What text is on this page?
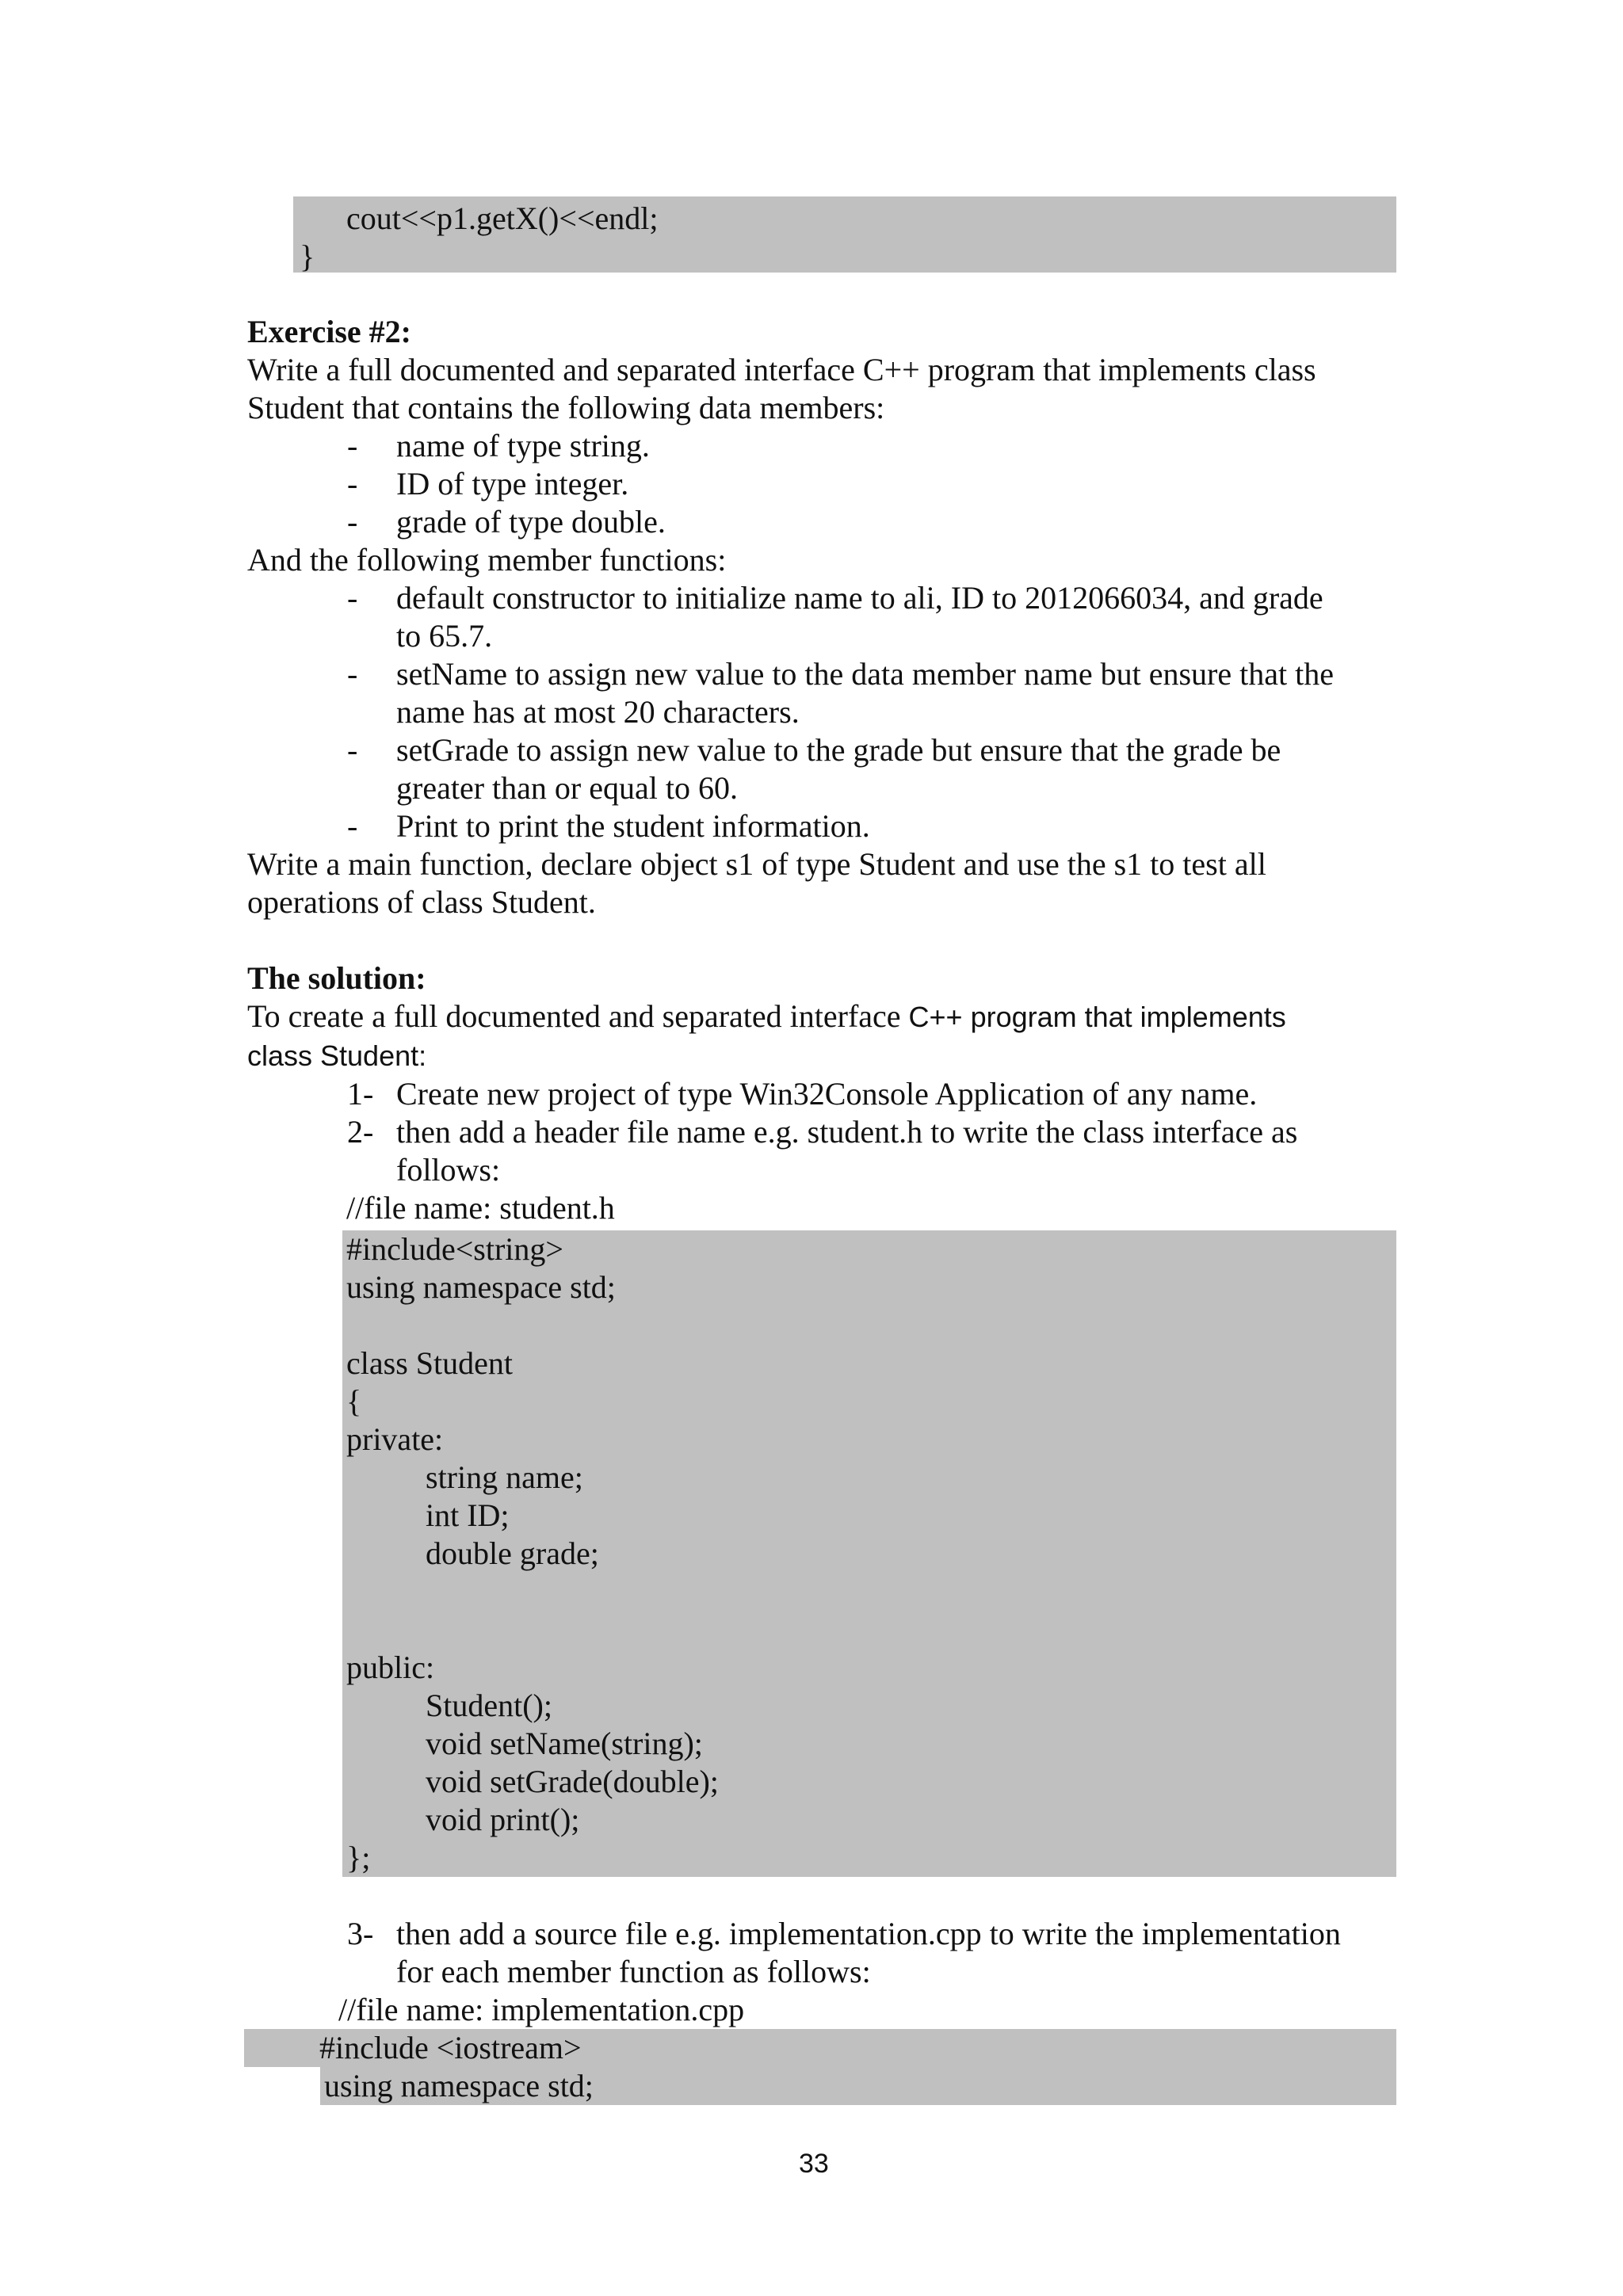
cout<<p1.getX()<<endl;
}
Exercise #2:
Write a full documented and separated interface C++ program that implements class
Student that contains the following data members:
- name of type string.
- ID of type integer.
- grade of type double.
And the following member functions:
- default constructor to initialize name to ali, ID to 2012066034, and grade
to 65.7.
- setName to assign new value to the data member name but ensure that the
name has at most 20 characters.
- setGrade to assign new value to the grade but ensure that the grade be
greater than or equal to 60.
- Print to print the student information.
Write a main function, declare object s1 of type Student and use the s1 to test all
operations of class Student.
The solution:
To create a full documented and separated interface C++ program that implements
class Student:
1- Create new project of type Win32Console Application of any name.
2- then add a header file name e.g. student.h to write the class interface as
follows:
//file name: student.h
#include<string>
using namespace std;
class Student
{
private:
string name;
int ID;
double grade;
public:
Student();
void setName(string);
void setGrade(double);
void print();
};
3- then add a source file e.g. implementation.cpp to write the implementation
for each member function as follows:
//file name: implementation.cpp
#include <iostream>
using namespace std;
33
